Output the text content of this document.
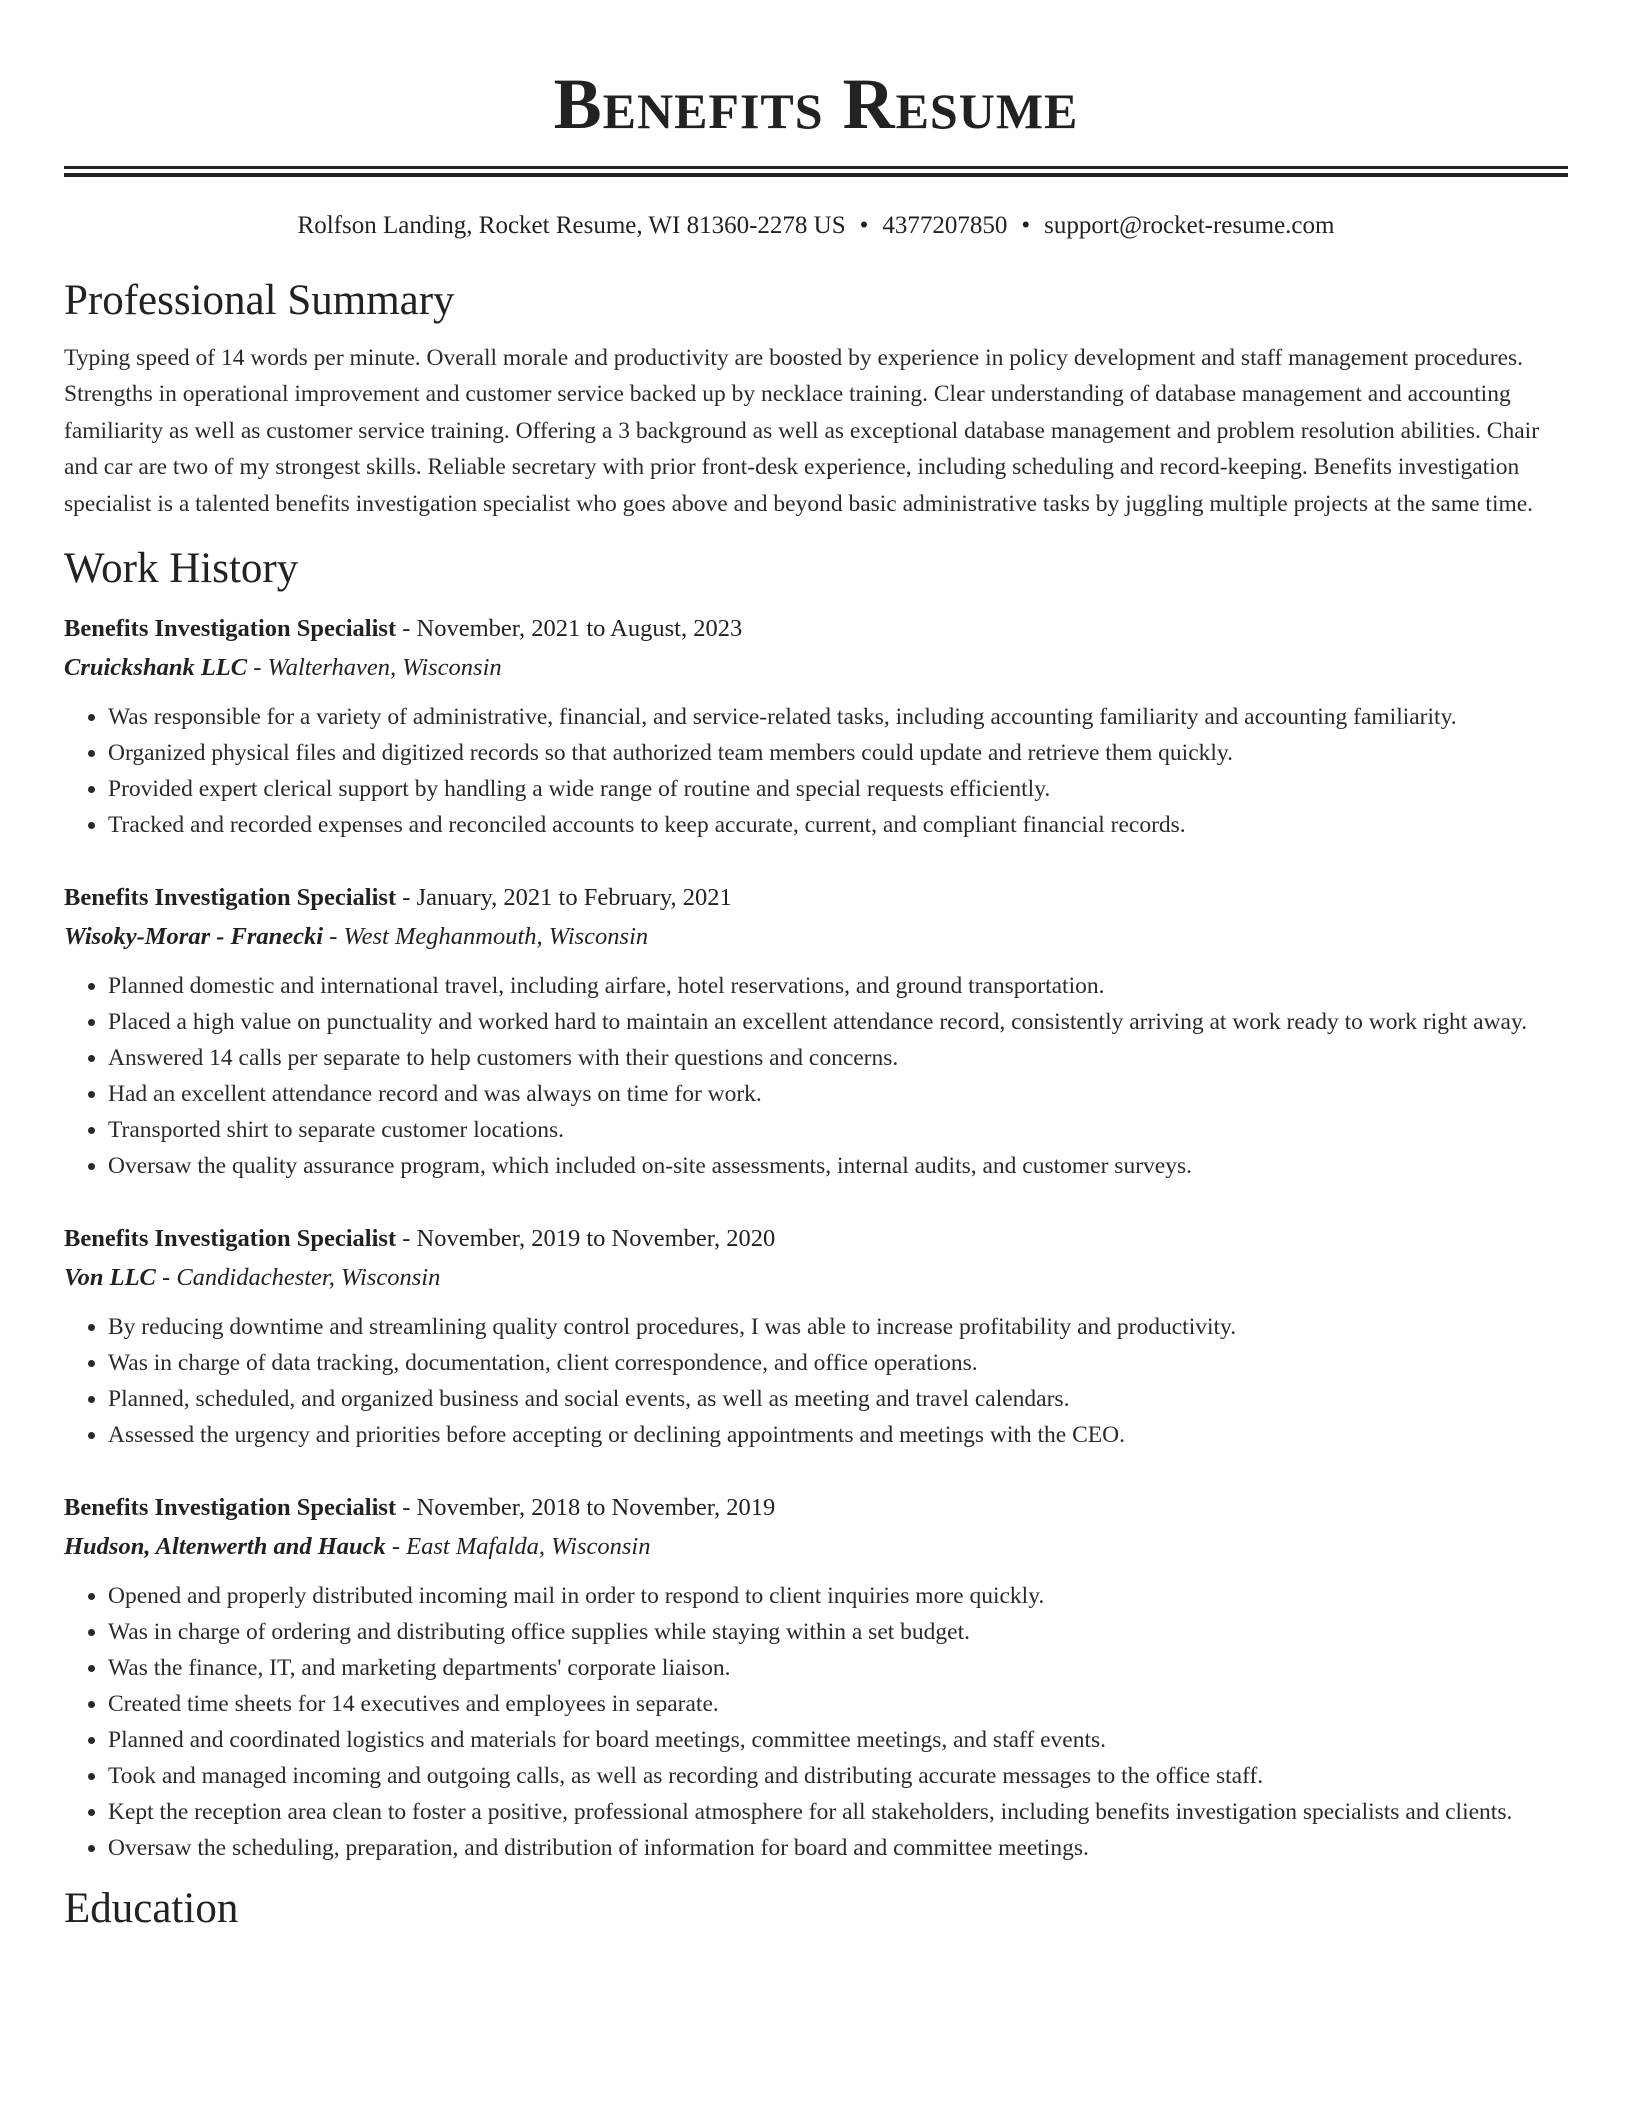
Benefits Resume
Rolfson Landing, Rocket Resume, WI 81360-2278 US • 4377207850 • support@rocket-resume.com
Professional Summary
Typing speed of 14 words per minute. Overall morale and productivity are boosted by experience in policy development and staff management procedures. Strengths in operational improvement and customer service backed up by necklace training. Clear understanding of database management and accounting familiarity as well as customer service training. Offering a 3 background as well as exceptional database management and problem resolution abilities. Chair and car are two of my strongest skills. Reliable secretary with prior front-desk experience, including scheduling and record-keeping. Benefits investigation specialist is a talented benefits investigation specialist who goes above and beyond basic administrative tasks by juggling multiple projects at the same time.
Work History
Benefits Investigation Specialist - November, 2021 to August, 2023
Cruickshank LLC - Walterhaven, Wisconsin
• Was responsible for a variety of administrative, financial, and service-related tasks, including accounting familiarity and accounting familiarity.
• Organized physical files and digitized records so that authorized team members could update and retrieve them quickly.
• Provided expert clerical support by handling a wide range of routine and special requests efficiently.
• Tracked and recorded expenses and reconciled accounts to keep accurate, current, and compliant financial records.
Benefits Investigation Specialist - January, 2021 to February, 2021
Wisoky-Morar - Franecki - West Meghanmouth, Wisconsin
• Planned domestic and international travel, including airfare, hotel reservations, and ground transportation.
• Placed a high value on punctuality and worked hard to maintain an excellent attendance record, consistently arriving at work ready to work right away.
• Answered 14 calls per separate to help customers with their questions and concerns.
• Had an excellent attendance record and was always on time for work.
• Transported shirt to separate customer locations.
• Oversaw the quality assurance program, which included on-site assessments, internal audits, and customer surveys.
Benefits Investigation Specialist - November, 2019 to November, 2020
Von LLC - Candidachester, Wisconsin
• By reducing downtime and streamlining quality control procedures, I was able to increase profitability and productivity.
• Was in charge of data tracking, documentation, client correspondence, and office operations.
• Planned, scheduled, and organized business and social events, as well as meeting and travel calendars.
• Assessed the urgency and priorities before accepting or declining appointments and meetings with the CEO.
Benefits Investigation Specialist - November, 2018 to November, 2019
Hudson, Altenwerth and Hauck - East Mafalda, Wisconsin
• Opened and properly distributed incoming mail in order to respond to client inquiries more quickly.
• Was in charge of ordering and distributing office supplies while staying within a set budget.
• Was the finance, IT, and marketing departments' corporate liaison.
• Created time sheets for 14 executives and employees in separate.
• Planned and coordinated logistics and materials for board meetings, committee meetings, and staff events.
• Took and managed incoming and outgoing calls, as well as recording and distributing accurate messages to the office staff.
• Kept the reception area clean to foster a positive, professional atmosphere for all stakeholders, including benefits investigation specialists and clients.
• Oversaw the scheduling, preparation, and distribution of information for board and committee meetings.
Education
